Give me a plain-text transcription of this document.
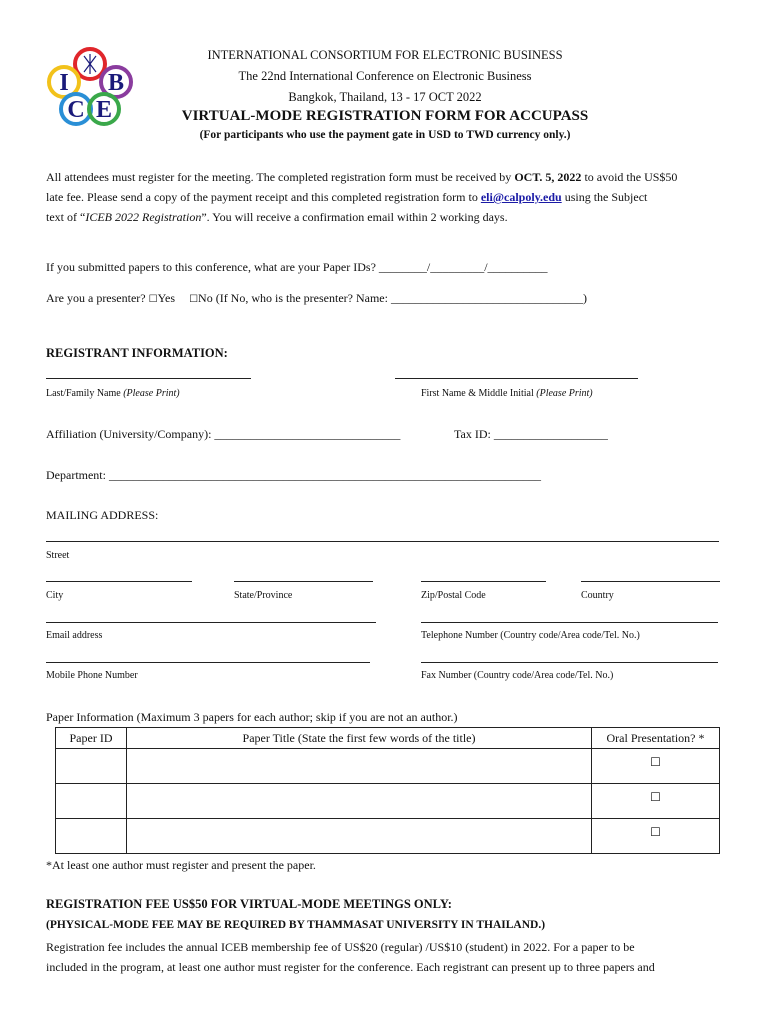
I B
C E
INTERNATIONAL CONSORTIUM FOR ELECTRONIC BUSINESS
The 22nd International Conference on Electronic Business
Bangkok, Thailand, 13 - 17 OCT 2022
VIRTUAL-MODE REGISTRATION FORM FOR ACCUPASS
(For participants who use the payment gate in USD to TWD currency only.)
All attendees must register for the meeting. The completed registration form must be received by OCT. 5, 2022 to avoid the US$50
late fee. Please send a copy of the payment receipt and this completed registration form to eli@calpoly.edu using the Subject
text of “ICEB 2022 Registration”. You will receive a confirmation email within 2 working days.
If you submitted papers to this conference, what are your Paper IDs? ________/_________/__________
Are you a presenter? ☐Yes ☐No (If No, who is the presenter? Name: ________________________________)
REGISTRANT INFORMATION:
Last/Family Name (Please Print)	First Name & Middle Initial (Please Print)
Affiliation (University/Company): _______________________________	Tax ID: ___________________
Department: ________________________________________________________________________
MAILING ADDRESS:
Street
City	State/Province	Zip/Postal Code	Country
Email address	Telephone Number (Country code/Area code/Tel. No.)
Mobile Phone Number	Fax Number (Country code/Area code/Tel. No.)
Paper Information (Maximum 3 papers for each author; skip if you are not an author.)
Paper ID	Paper Title (State the first few words of the title)	Oral Presentation? *
		☐
		☐
		☐
*At least one author must register and present the paper.
REGISTRATION FEE US$50 FOR VIRTUAL-MODE MEETINGS ONLY:
(PHYSICAL-MODE FEE MAY BE REQUIRED BY THAMMASAT UNIVERSITY IN THAILAND.)
Registration fee includes the annual ICEB membership fee of US$20 (regular) /US$10 (student) in 2022. For a paper to be
included in the program, at least one author must register for the conference. Each registrant can present up to three papers and
